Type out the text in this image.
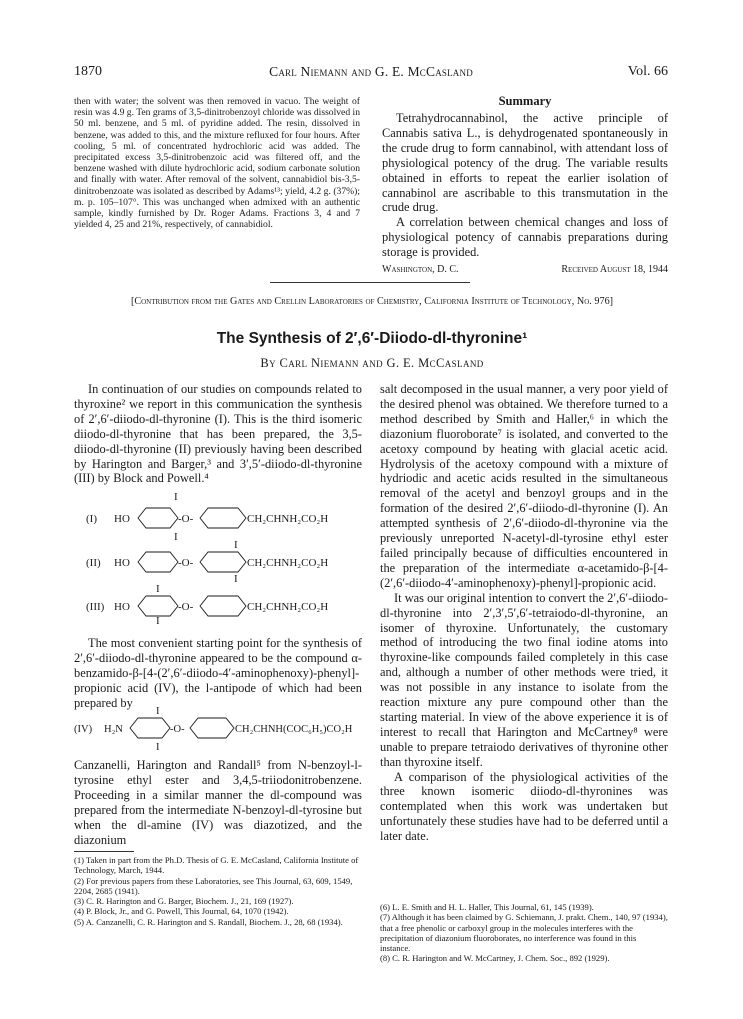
1870	Carl Niemann and G. E. McCasland	Vol. 66

then with water; the solvent was then removed in vacuo. The weight of resin was 4.9 g. Ten grams of 3,5-dinitrobenzoyl chloride was dissolved in 50 ml. benzene, and 5 ml. of pyridine added. The resin, dissolved in benzene, was added to this, and the mixture refluxed for four hours. After cooling, 5 ml. of concentrated hydrochloric acid was added. The precipitated excess 3,5-dinitrobenzoic acid was filtered off, and the benzene washed with dilute hydrochloric acid, sodium carbonate solution and finally with water. After removal of the solvent, cannabidiol bis-3,5-dinitrobenzoate was isolated as described by Adams¹³; yield, 4.2 g. (37%); m. p. 105–107°. This was unchanged when admixed with an authentic sample, kindly furnished by Dr. Roger Adams. Fractions 3, 4 and 7 yielded 4, 25 and 21%, respectively, of cannabidiol.

Summary

Tetrahydrocannabinol, the active principle of Cannabis sativa L., is dehydrogenated spontaneously in the crude drug to form cannabinol, with attendant loss of physiological potency of the drug. The variable results obtained in efforts to repeat the earlier isolation of cannabinol are ascribable to this transmutation in the crude drug.

A correlation between chemical changes and loss of physiological potency of cannabis preparations during storage is provided.

Washington, D. C.	Received August 18, 1944
[Contribution from the Gates and Crellin Laboratories of Chemistry, California Institute of Technology, No. 976]
The Synthesis of 2′,6′-Diiodo-dl-thyronine¹
By Carl Niemann and G. E. McCasland

In continuation of our studies on compounds related to thyroxine² we report in this communication the synthesis of 2′,6′-diiodo-dl-thyronine (I). This is the third isomeric diiodo-dl-thyronine that has been prepared, the 3,5-diiodo-dl-thyronine (II) previously having been described by Harington and Barger,³ and 3′,5′-diiodo-dl-thyronine (III) by Block and Powell.⁴

I
I
(I) HO	-O-	CH₂CHNH₂CO₂H
I
I
(II) HO	-O-	CH₂CHNH₂CO₂H
I
I
(III) HO	-O-	CH₂CHNH₂CO₂H

The most convenient starting point for the synthesis of 2′,6′-diiodo-dl-thyronine appeared to be the compound α-benzamido-β-[4-(2′,6′-diiodo-4′-aminophenoxy)-phenyl]-propionic acid (IV), the l-antipode of which had been prepared by

I
I
(IV) H₂N	-O-	CH₂CHNH(COC₆H₅)CO₂H

Canzanelli, Harington and Randall⁵ from N-benzoyl-l-tyrosine ethyl ester and 3,4,5-triiodonitrobenzene. Proceeding in a similar manner the dl-compound was prepared from the intermediate N-benzoyl-dl-tyrosine but when the dl-amine (IV) was diazotized, and the diazonium

(1) Taken in part from the Ph.D. Thesis of G. E. McCasland, California Institute of Technology, March, 1944.

(2) For previous papers from these Laboratories, see This Journal, 63, 609, 1549, 2204, 2685 (1941).

(3) C. R. Harington and G. Barger, Biochem. J., 21, 169 (1927).

(4) P. Block, Jr., and G. Powell, This Journal, 64, 1070 (1942).

(5) A. Canzanelli, C. R. Harington and S. Randall, Biochem. J., 28, 68 (1934).

salt decomposed in the usual manner, a very poor yield of the desired phenol was obtained. We therefore turned to a method described by Smith and Haller,⁶ in which the diazonium fluoroborate⁷ is isolated, and converted to the acetoxy compound by heating with glacial acetic acid. Hydrolysis of the acetoxy compound with a mixture of hydriodic and acetic acids resulted in the simultaneous removal of the acetyl and benzoyl groups and in the formation of the desired 2′,6′-diiodo-dl-thyronine (I). An attempted synthesis of 2′,6′-diiodo-dl-thyronine via the previously unreported N-acetyl-dl-tyrosine ethyl ester failed principally because of difficulties encountered in the preparation of the intermediate α-acetamido-β-[4-(2′,6′-diiodo-4′-aminophenoxy)-phenyl]-propionic acid.

It was our original intention to convert the 2′,6′-diiodo-dl-thyronine into 2′,3′,5′,6′-tetraiodo-dl-thyronine, an isomer of thyroxine. Unfortunately, the customary method of introducing the two final iodine atoms into thyroxine-like compounds failed completely in this case and, although a number of other methods were tried, it was not possible in any instance to isolate from the reaction mixture any pure compound other than the starting material. In view of the above experience it is of interest to recall that Harington and McCartney⁸ were unable to prepare tetraiodo derivatives of thyronine other than thyroxine itself.

A comparison of the physiological activities of the three known isomeric diiodo-dl-thyronines was contemplated when this work was undertaken but unfortunately these studies have had to be deferred until a later date.

(6) L. E. Smith and H. L. Haller, This Journal, 61, 145 (1939).

(7) Although it has been claimed by G. Schiemann, J. prakt. Chem., 140, 97 (1934), that a free phenolic or carboxyl group in the molecules interferes with the precipitation of diazonium fluoroborates, no interference was found in this instance.

(8) C. R. Harington and W. McCartney, J. Chem. Soc., 892 (1929).
